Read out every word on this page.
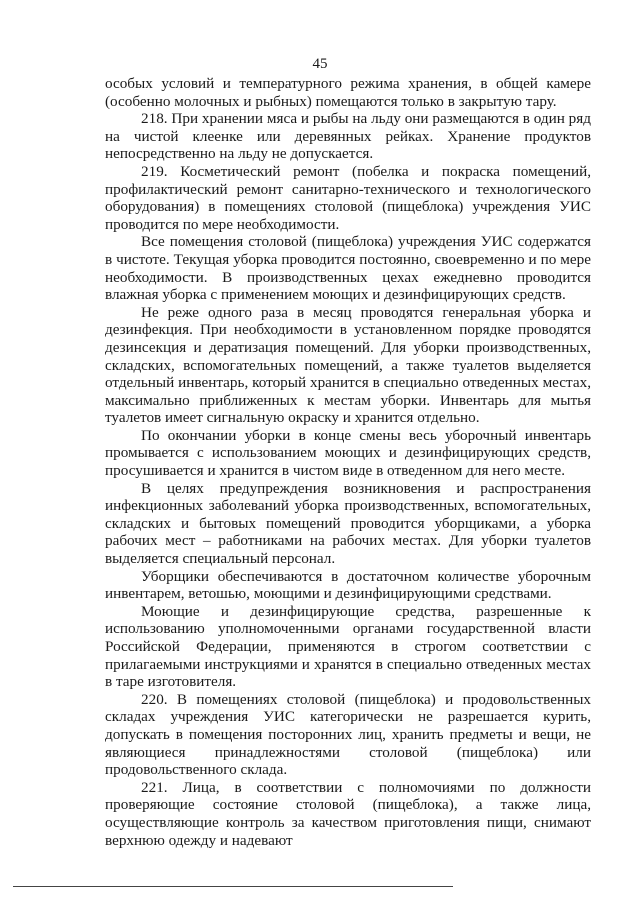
45

особых условий и температурного режима хранения, в общей камере (особенно молочных и рыбных) помещаются только в закрытую тару.

218. При хранении мяса и рыбы на льду они размещаются в один ряд на чистой клеенке или деревянных рейках. Хранение продуктов непосредственно на льду не допускается.

219. Косметический ремонт (побелка и покраска помещений, профилактический ремонт санитарно-технического и технологического оборудования) в помещениях столовой (пищеблока) учреждения УИС проводится по мере необходимости.

Все помещения столовой (пищеблока) учреждения УИС содержатся в чистоте. Текущая уборка проводится постоянно, своевременно и по мере необходимости. В производственных цехах ежедневно проводится влажная уборка с применением моющих и дезинфицирующих средств.

Не реже одного раза в месяц проводятся генеральная уборка и дезинфекция. При необходимости в установленном порядке проводятся дезинсекция и дератизация помещений. Для уборки производственных, складских, вспомогательных помещений, а также туалетов выделяется отдельный инвентарь, который хранится в специально отведенных местах, максимально приближенных к местам уборки. Инвентарь для мытья туалетов имеет сигнальную окраску и хранится отдельно.

По окончании уборки в конце смены весь уборочный инвентарь промывается с использованием моющих и дезинфицирующих средств, просушивается и хранится в чистом виде в отведенном для него месте.

В целях предупреждения возникновения и распространения инфекционных заболеваний уборка производственных, вспомогательных, складских и бытовых помещений проводится уборщиками, а уборка рабочих мест – работниками на рабочих местах. Для уборки туалетов выделяется специальный персонал.

Уборщики обеспечиваются в достаточном количестве уборочным инвентарем, ветошью, моющими и дезинфицирующими средствами.

Моющие и дезинфицирующие средства, разрешенные к использованию уполномоченными органами государственной власти Российской Федерации, применяются в строгом соответствии с прилагаемыми инструкциями и хранятся в специально отведенных местах в таре изготовителя.

220. В помещениях столовой (пищеблока) и продовольственных складах учреждения УИС категорически не разрешается курить, допускать в помещения посторонних лиц, хранить предметы и вещи, не являющиеся принадлежностями столовой (пищеблока) или продовольственного склада.

221. Лица, в соответствии с полномочиями по должности проверяющие состояние столовой (пищеблока), а также лица, осуществляющие контроль за качеством приготовления пищи, снимают верхнюю одежду и надевают
